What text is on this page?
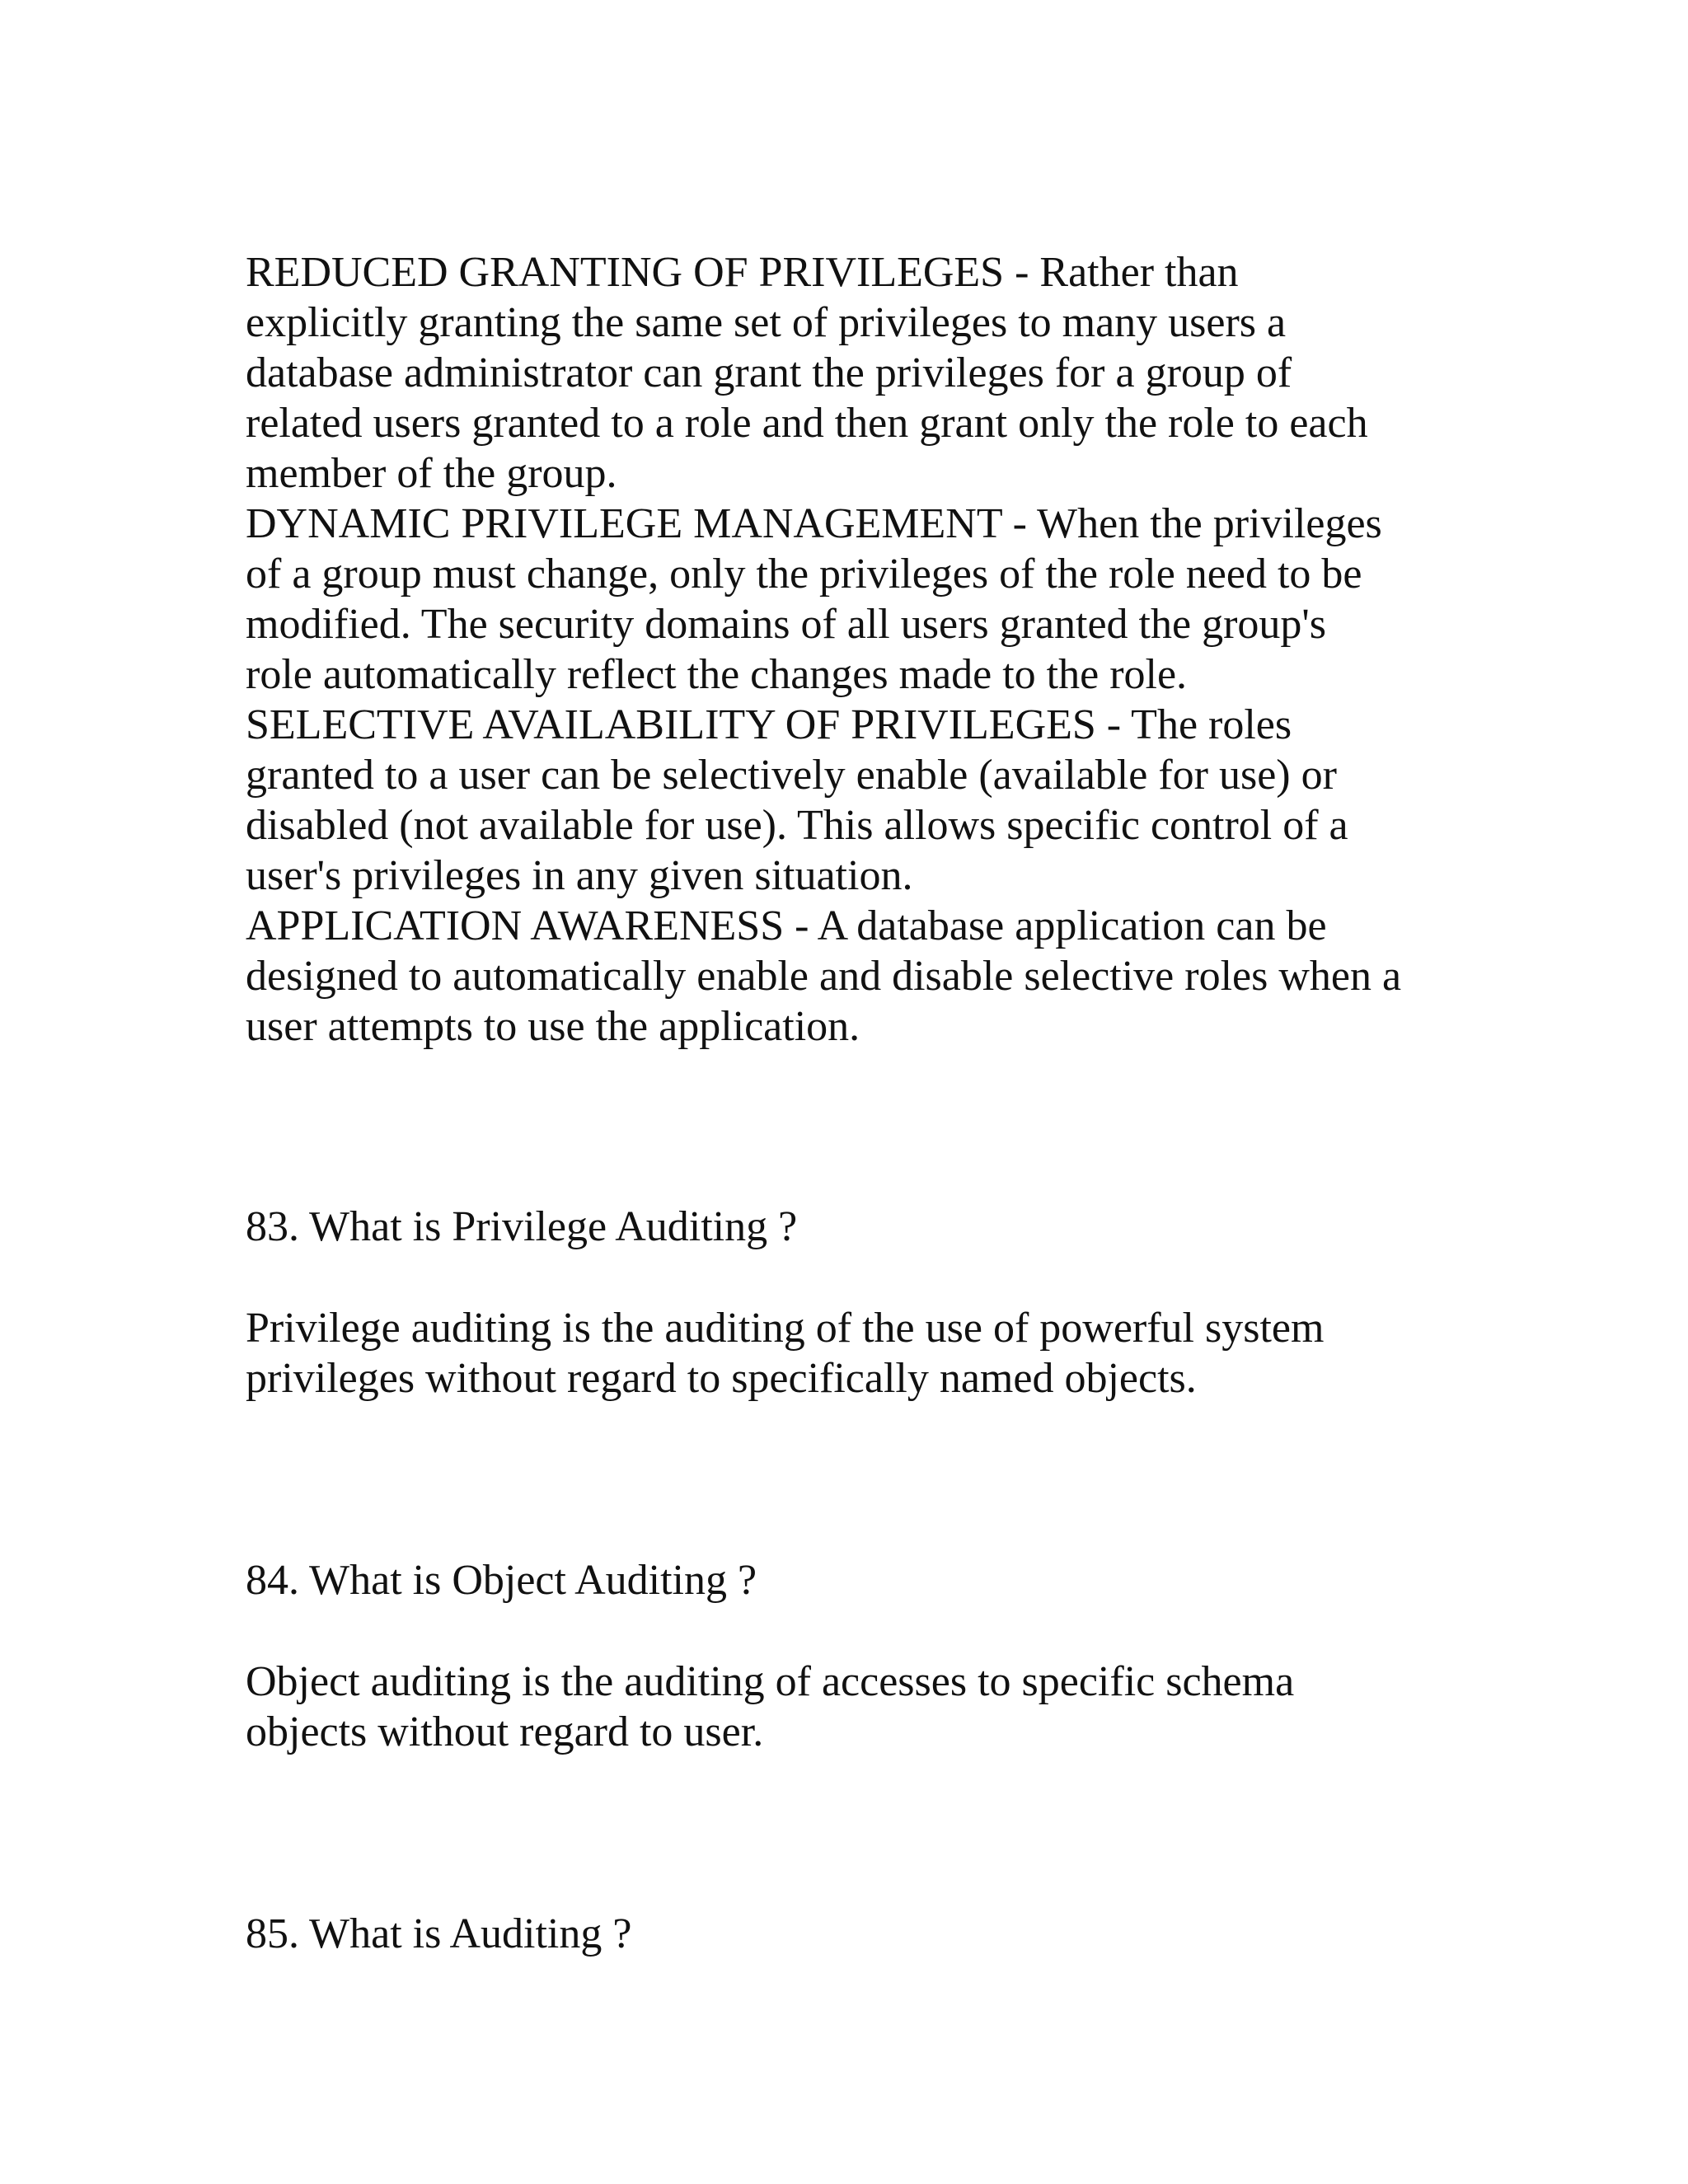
REDUCED GRANTING OF PRIVILEGES - Rather than
explicitly granting the same set of privileges to many users a
database administrator can grant the privileges for a group of
related users granted to a role and then grant only the role to each
member of the group.
DYNAMIC PRIVILEGE MANAGEMENT - When the privileges
of a group must change, only the privileges of the role need to be
modified. The security domains of all users granted the group's
role automatically reflect the changes made to the role.
SELECTIVE AVAILABILITY OF PRIVILEGES - The roles
granted to a user can be selectively enable (available for use) or
disabled (not available for use). This allows specific control of a
user's privileges in any given situation.
APPLICATION AWARENESS - A database application can be
designed to automatically enable and disable selective roles when a
user attempts to use the application.
83. What is Privilege Auditing ?
Privilege auditing is the auditing of the use of powerful system
privileges without regard to specifically named objects.
84. What is Object Auditing ?
Object auditing is the auditing of accesses to specific schema
objects without regard to user.
85. What is Auditing ?
